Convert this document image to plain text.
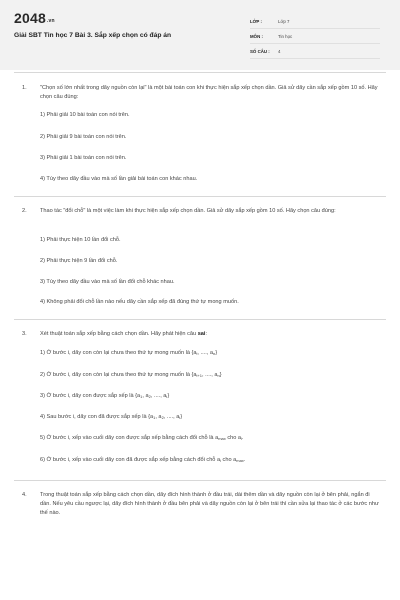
2048.vn
Giải SBT Tin học 7 Bài 3. Sắp xếp chọn có đáp án
LỚP :	Lớp 7
MÔN :	Tin học
SỐ CÂU :	4
1. "Chọn số lớn nhất trong dãy nguồn còn lại" là một bài toán con khi thực hiện sắp xếp chọn dần. Giả sử dãy cần sắp xếp gồm 10 số. Hãy chọn câu đúng:
1) Phải giải 10 bài toán con nói trên.
2) Phải giải 9 bài toán con nói trên.
3) Phải giải 1 bài toán con nói trên.
4) Tùy theo dãy đầu vào mà số lần giải bài toán con khác nhau.
2. Thao tác "đổi chỗ" là một việc làm khi thực hiện sắp xếp chọn dần. Giả sử dãy sắp xếp gồm 10 số. Hãy chọn câu đúng:
1) Phải thực hiện 10 lần đổi chỗ.
2) Phải thực hiện 9 lần đổi chỗ.
3) Tùy theo dãy đầu vào mà số lần đổi chỗ khác nhau.
4) Không phải đổi chỗ lần nào nếu dãy cần sắp xếp đã đúng thứ tự mong muốn.
3. Xét thuật toán sắp xếp bằng cách chọn dần. Hãy phát hiện câu sai:
1) Ở bước i, dãy con còn lại chưa theo thứ tự mong muốn là {$a_i$, ...., $a_n$}
2) Ở bước i, dãy con còn lại chưa theo thứ tự mong muốn là {$a_{i+1}$, ...., $a_n$}
3) Ở bước i, dãy con được sắp xếp là {$a_1$, $a_2$, ...., $a_i$}
4) Sau bước i, dãy con đã được sắp xếp là {$a_1$, $a_2$, ...., $a_i$}
5) Ở bước i, xếp vào cuối dãy con được sắp xếp bằng cách đổi chỗ là $a_{max}$ cho $a_i$.
6) Ở bước i, xếp vào cuối dãy con đã được sắp xếp bằng cách đổi chỗ $a_i$ cho $a_{max}$.
4. Trong thuật toán sắp xếp bằng cách chọn dần, dãy đích hình thành ở đầu trái, dài thêm dần và dãy nguồn còn lại ở bên phải, ngắn đi dần. Nếu yêu cầu ngược lại, dãy đích hình thành ở đầu bên phải và dãy nguồn còn lại ở bên trái thì cần sửa lại thao tác ở các bước như thế nào.
